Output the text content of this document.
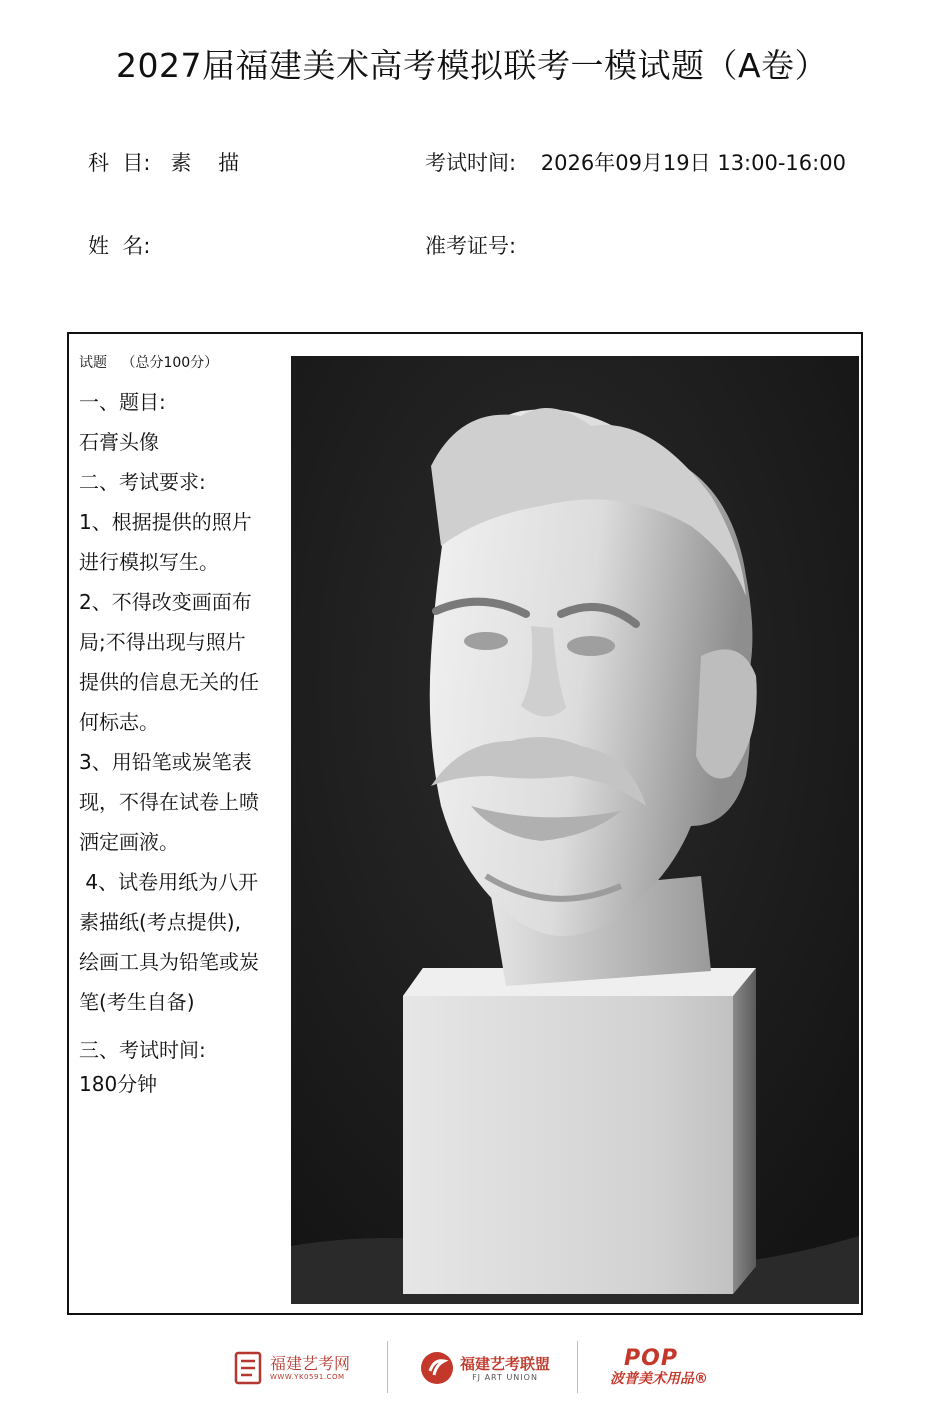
2027届福建美术高考模拟联考一模试题（A卷）
科  目:   素    描	考试时间: 2026年09月19日 13:00-16:00
姓  名:	准考证号:
试题 （总分100分）
一、题目:
石膏头像
二、考试要求:
1、根据提供的照片
进行模拟写生。
2、不得改变画面布
局;不得出现与照片
提供的信息无关的任
何标志。
3、用铅笔或炭笔表
现，不得在试卷上喷
洒定画液。
4、试卷用纸为八开
素描纸(考点提供),
绘画工具为铅笔或炭
笔(考生自备)
三、考试时间:
180分钟
福建艺考网
WWW.YK0591.COM
福建艺考联盟
FJ ART UNION
POP
波普美术用品®
